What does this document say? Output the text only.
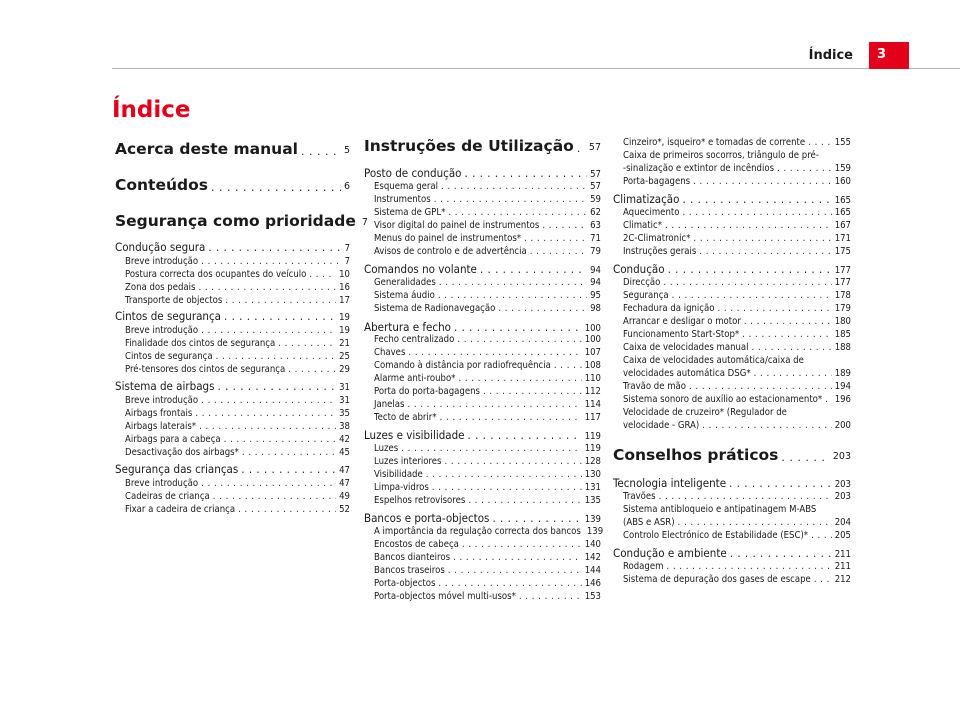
Índice 3
Índice
Acerca deste manual . . .	5
Conteúdos . . .	6
Segurança como prioridade 7
Condução segura . . .	7
Breve introdução . . .	7
Postura correcta dos ocupantes do veículo . . .	10
Zona dos pedais . . .	16
Transporte de objectos . . .	17
Cintos de segurança . . .	19
Breve introdução . . .	19
Finalidade dos cintos de segurança . . .	21
Cintos de segurança . . .	25
Pré-tensores dos cintos de segurança . . .	29
Sistema de airbags . . .	31
Breve introdução . . .	31
Airbags frontais . . .	35
Airbags laterais* . . .	38
Airbags para a cabeça . . .	42
Desactivação dos airbags* . . .	45
Segurança das crianças . . .	47
Breve introdução . . .	47
Cadeiras de criança . . .	49
Fixar a cadeira de criança . . .	52
Instruções de Utilização . . . 57
Posto de condução . . .	57
Esquema geral . . .	57
Instrumentos . . .	59
Sistema de GPL* . . .	62
Visor digital do painel de instrumentos . . .	63
Menus do painel de instrumentos* . . .	71
Avisos de controlo e de advertência . . .	79
Comandos no volante . . .	94
Generalidades . . .	94
Sistema áudio . . .	95
Sistema de Radionavegação . . .	98
Abertura e fecho . . .	100
Fecho centralizado . . .	100
Chaves . . .	107
Comando à distância por radiofrequência . . .	108
Alarme anti-roubo* . . .	110
Porta do porta-bagagens . . .	112
Janelas . . .	114
Tecto de abrir* . . .	117
Luzes e visibilidade . . .	119
Luzes . . .	119
Luzes interiores . . .	128
Visibilidade . . .	130
Limpa-vidros . . .	131
Espelhos retrovisores . . .	135
Bancos e porta-objectos . . .	139
A importância da regulação correcta dos bancos 139
Encostos de cabeça . . .	140
Bancos dianteiros . . .	142
Bancos traseiros . . .	144
Porta-objectos . . .	146
Porta-objectos móvel multi-usos* . . .	153
Cinzeiro*, isqueiro* e tomadas de corrente . . .	155
Caixa de primeiros socorros, triângulo de pré-
-sinalização e extintor de incêndios . . .	159
Porta-bagagens . . .	160
Climatização . . .	165
Aquecimento . . .	165
Climatic* . . .	167
2C-Climatronic* . . .	171
Instruções gerais . . .	175
Condução . . .	177
Direcção . . .	177
Segurança . . .	178
Fechadura da ignição . . .	179
Arrancar e desligar o motor . . .	180
Funcionamento Start-Stop* . . .	185
Caixa de velocidades manual . . .	188
Caixa de velocidades automática/caixa de
velocidades automática DSG* . . .	189
Travão de mão . . .	194
Sistema sonoro de auxílio ao estacionamento* . . . 196
Velocidade de cruzeiro* (Regulador de
velocidade - GRA) . . .	200
Conselhos práticos . . .	203
Tecnologia inteligente . . .	203
Travões . . .	203
Sistema antibloqueio e antipatinagem M-ABS
(ABS e ASR) . . .	204
Controlo Electrónico de Estabilidade (ESC)* . . .	205
Condução e ambiente . . .	211
Rodagem . . .	211
Sistema de depuração dos gases de escape . . .	212
